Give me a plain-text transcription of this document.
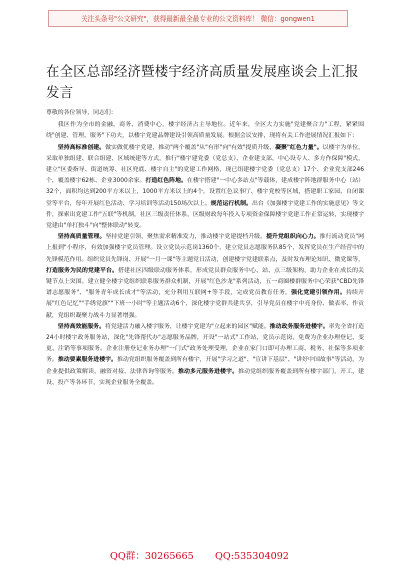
关注头条号"公文研究"，获得最新最全最专业的公文资料库！ 微信：gongwen1
在全区总部经济暨楼宇经济高质量发展座谈会上汇报
发言

尊敬的各位领导，同志们：

我区作为全市的金融、商务、消费中心，楼宇经济占主导地位。近年来，全区大力实施"党建聚合力"工程，紧紧围绕"创建、管理、服务"下功夫，以楼宇党建品牌建设引领高质量发展。根据会议安排，现将有关工作进展情况汇报如下：

坚持高标准创建。做实做优楼宇党建，推动"两个覆盖"从"有形"向"有效"提质升级，凝聚"红色力量"。以楼宇为单位，采取单独组建、联合组建、区域统建等方式，推行"楼宇建党委（党总支）、企业建支部，中心设专人、多方作保障"模式，建立"区委指导、街道统筹、社区兜底、楼宇自主"的党建工作网格，现已组建楼宇党委（党总支）17个、企业党支部246个，覆盖楼宇62栋、企业3000余家。打造红色阵地。在楼宇搭建"一中心多站点"等载体，建成楼宇阵地群服务中心（站）32个，面积均达到200平方米以上，1000平方米以上的4个，设置红色议事厅、楼宇党校等区域，搭建职工家园、自闭课堂等平台，每年开展红色活动、学习培训等活动150场次以上。规范运行机制。出台《加强楼宇党建工作的实施意见》等文件，探索出党建工作"五联"等机制，社区三级责任体系，区级财政每年投入专项资金保障楼宇党建工作正常运转，实现楼宇党建由"单打独斗"向"整体联动"转变。

坚持高质量管理。坚持党建引领，聚焦需求精准发力，推动楼宇党建提档升级。提升党组织向心力。推行流动党员"网上报到"小程序，有效加强楼宇党员管理。设立党员示范岗1360个，建立党员志愿服务队85个，发挥党员在生产经营中的先锋模范作用。组织党员先锋岗、开展"一月一课"等主题党日活动，创建楼宇党建联系点，及时发布理论知识、微党课等，打造服务为民的党建平台。搭建社区四级联动服务体系，形成党员群众服务中心、站、点三级架构，助力企业在成长的关键节点上突围。建立健全楼宇党组织联系服务群众机制，开展"红色沙龙"系列活动，五一商圈楼群服务中心荣获"CBD先锋谱志愿服务"、"服务青年成长成才"等活动，充分利用互联网+等手段，完成党员教育任务，强化党建引领作用。持续开展"红色记忆""手绣党旗""下班一小时"等主题活动6个，深化楼宇党群共建共享，引导党员在楼宇中亮身份、做表率、作贡献，党组织凝聚力战斗力显著增强。

坚持高效能服务。将党建活力融入楼宇服务，让楼宇党建为"立起来的园区"赋能。推动政务服务进楼宇。率先全省打造24小时楼宇政务服务站，深化"先锋帮代办"志愿服务品牌，开设"一站式"工作站，党员示范岗，免费为企业办理登记、变更、注销等事项服务。企业注册登记业务办理"一门式"政务处理受理，企业在家门口即可办理工商、税务、社保等多项业务。推动要素服务进楼宇。推动党组织服务覆盖到所有楼宇，开展"学习之道"、"宣讲下基层"、"讲好中国故事"等活动，为企业提供政策解读、融资对接、法律咨询等服务。推动多元服务进楼宇。推动党组织服务覆盖到所有楼宇部门，开工、建设、投产等各环节，实现企业服务全覆盖。

QQ群：30265665 QQ:535304092
